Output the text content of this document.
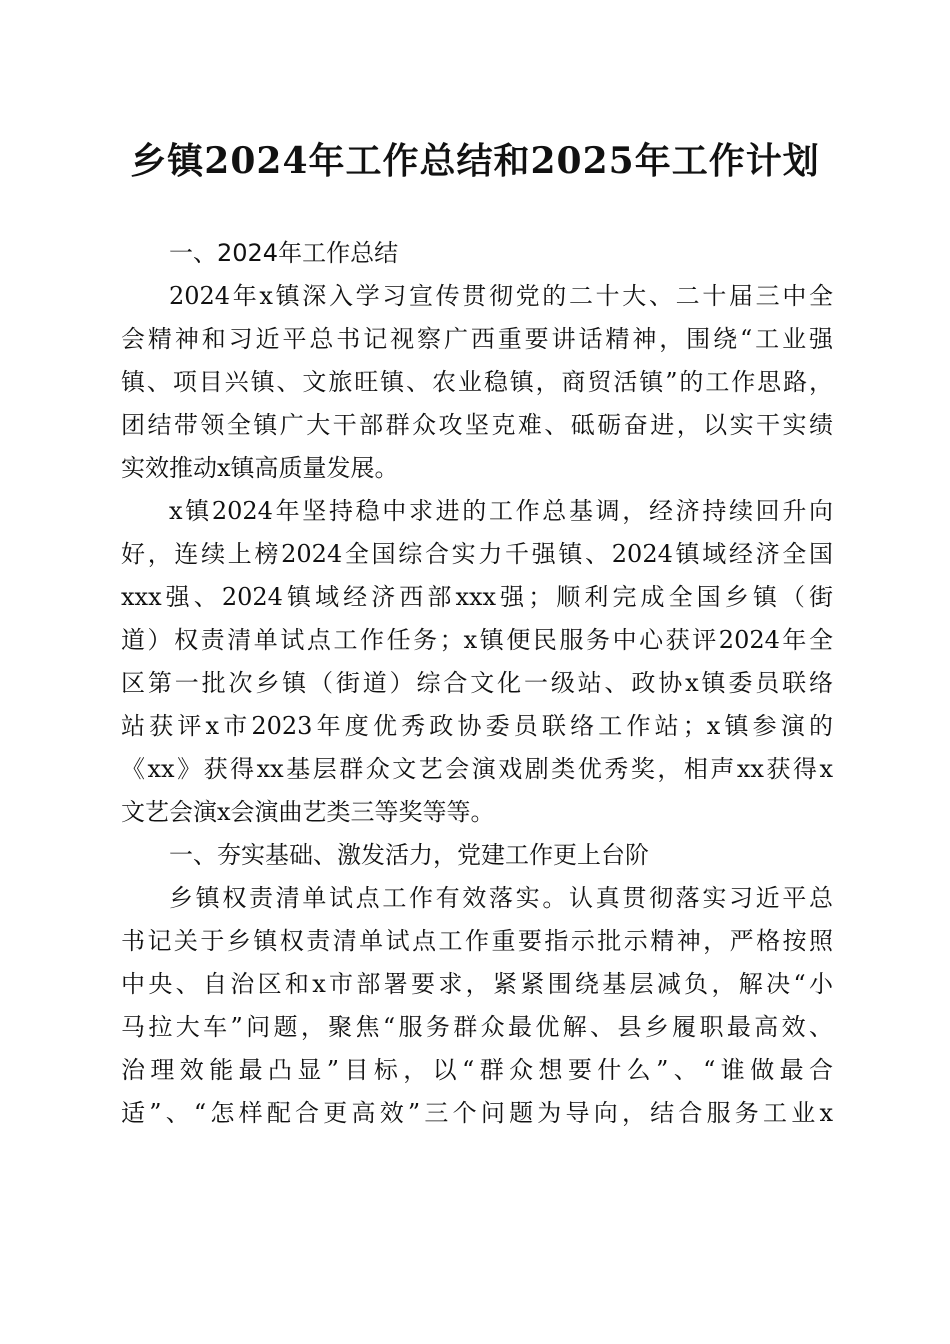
乡镇2024年工作总结和2025年工作计划

一、2024年工作总结

2024年x镇深入学习宣传贯彻党的二十大、二十届三中全
会精神和习近平总书记视察广西重要讲话精神，围绕“工业强
镇、项目兴镇、文旅旺镇、农业稳镇，商贸活镇”的工作思路，
团结带领全镇广大干部群众攻坚克难、砥砺奋进，以实干实绩
实效推动x镇高质量发展。

x镇2024年坚持稳中求进的工作总基调，经济持续回升向
好，连续上榜2024全国综合实力千强镇、2024镇域经济全国
xxx强、2024镇域经济西部xxx强；顺利完成全国乡镇（街
道）权责清单试点工作任务；x镇便民服务中心获评2024年全
区第一批次乡镇（街道）综合文化一级站、政协x镇委员联络
站获评x市2023年度优秀政协委员联络工作站；x镇参演的
《xx》获得xx基层群众文艺会演戏剧类优秀奖，相声xx获得x
文艺会演x会演曲艺类三等奖等等。

一、夯实基础、激发活力，党建工作更上台阶

乡镇权责清单试点工作有效落实。认真贯彻落实习近平总
书记关于乡镇权责清单试点工作重要指示批示精神，严格按照
中央、自治区和x市部署要求，紧紧围绕基层减负，解决“小
马拉大车”问题，聚焦“服务群众最优解、县乡履职最高效、
治理效能最凸显”目标，以“群众想要什么”、“谁做最合
适”、“怎样配合更高效”三个问题为导向，结合服务工业x
